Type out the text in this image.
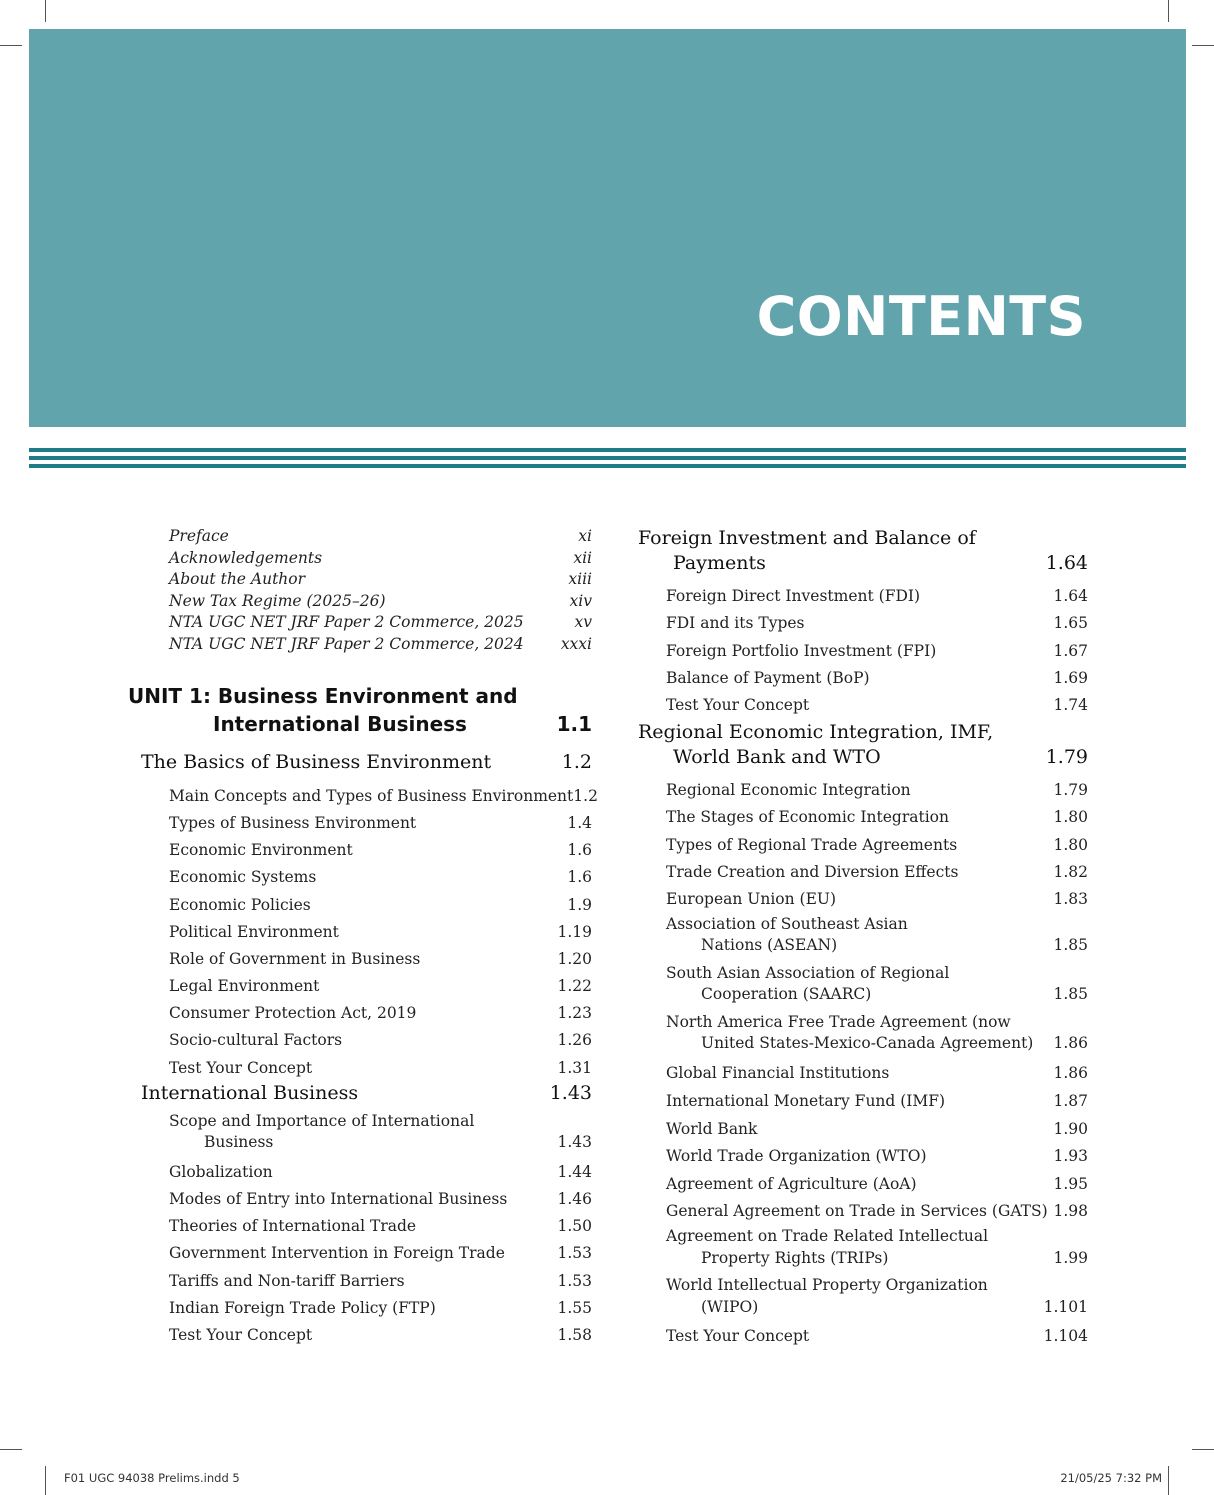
CONTENTS
Preface	xi
Acknowledgements	xii
About the Author	xiii
New Tax Regime (2025–26)	xiv
NTA UGC NET JRF Paper 2 Commerce, 2025	xv
NTA UGC NET JRF Paper 2 Commerce, 2024 xxxi
UNIT 1: Business Environment and
International Business	1.1
The Basics of Business Environment	1.2
Main Concepts and Types of Business Environment 1.2
Types of Business Environment	1.4
Economic Environment	1.6
Economic Systems	1.6
Economic Policies	1.9
Political Environment	1.19
Role of Government in Business	1.20
Legal Environment	1.22
Consumer Protection Act, 2019	1.23
Socio-cultural Factors	1.26
Test Your Concept	1.31
International Business	1.43
Scope and Importance of International
Business	1.43
Globalization	1.44
Modes of Entry into International Business	1.46
Theories of International Trade	1.50
Government Intervention in Foreign Trade	1.53
Tariffs and Non-tariff Barriers	1.53
Indian Foreign Trade Policy (FTP)	1.55
Test Your Concept	1.58
Foreign Investment and Balance of
Payments	1.64
Foreign Direct Investment (FDI)	1.64
FDI and its Types	1.65
Foreign Portfolio Investment (FPI)	1.67
Balance of Payment (BoP)	1.69
Test Your Concept	1.74
Regional Economic Integration, IMF,
World Bank and WTO	1.79
Regional Economic Integration	1.79
The Stages of Economic Integration	1.80
Types of Regional Trade Agreements	1.80
Trade Creation and Diversion Effects	1.82
European Union (EU)	1.83
Association of Southeast Asian
Nations (ASEAN)	1.85
South Asian Association of Regional
Cooperation (SAARC)	1.85
North America Free Trade Agreement (now
United States-Mexico-Canada Agreement) 1.86
Global Financial Institutions	1.86
International Monetary Fund (IMF)	1.87
World Bank	1.90
World Trade Organization (WTO)	1.93
Agreement of Agriculture (AoA)	1.95
General Agreement on Trade in Services (GATS) 1.98
Agreement on Trade Related Intellectual
Property Rights (TRIPs)	1.99
World Intellectual Property Organization
(WIPO)	1.101
Test Your Concept	1.104
F01 UGC 94038 Prelims.indd 5	21/05/25 7:32 PM
